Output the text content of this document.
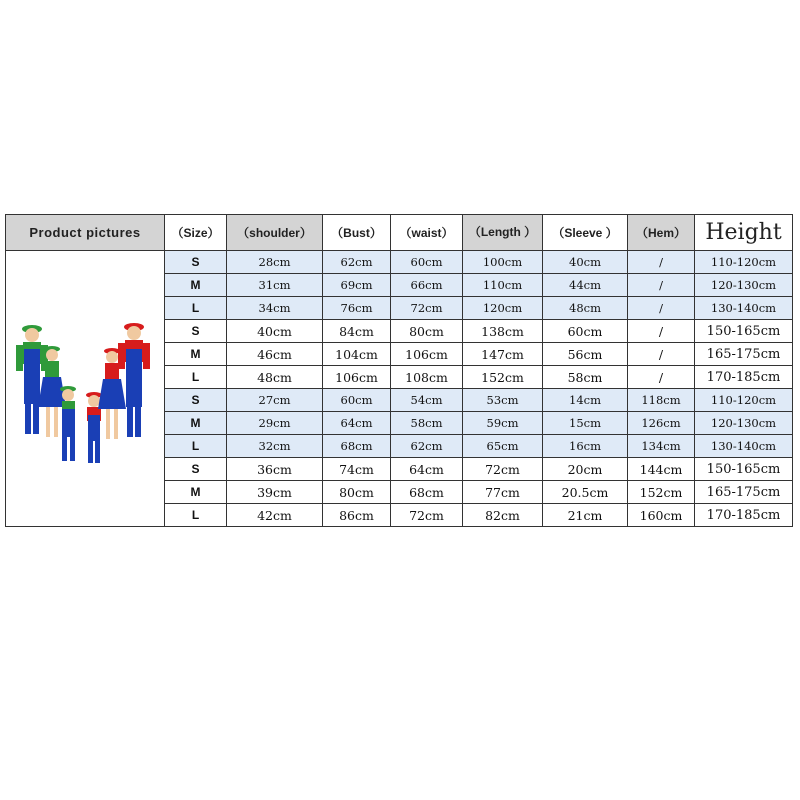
Product pictures	（Size）	（shoulder）	（Bust）	（waist）	（Length ）	（Sleeve ）	（Hem）	Height
	S	28cm	62cm	60cm	100cm	40cm	/	110-120cm
	M	31cm	69cm	66cm	110cm	44cm	/	120-130cm
	L	34cm	76cm	72cm	120cm	48cm	/	130-140cm
	S	40cm	84cm	80cm	138cm	60cm	/	150-165cm
	M	46cm	104cm	106cm	147cm	56cm	/	165-175cm
	L	48cm	106cm	108cm	152cm	58cm	/	170-185cm
	S	27cm	60cm	54cm	53cm	14cm	118cm	110-120cm
	M	29cm	64cm	58cm	59cm	15cm	126cm	120-130cm
	L	32cm	68cm	62cm	65cm	16cm	134cm	130-140cm
	S	36cm	74cm	64cm	72cm	20cm	144cm	150-165cm
	M	39cm	80cm	68cm	77cm	20.5cm	152cm	165-175cm
	L	42cm	86cm	72cm	82cm	21cm	160cm	170-185cm
